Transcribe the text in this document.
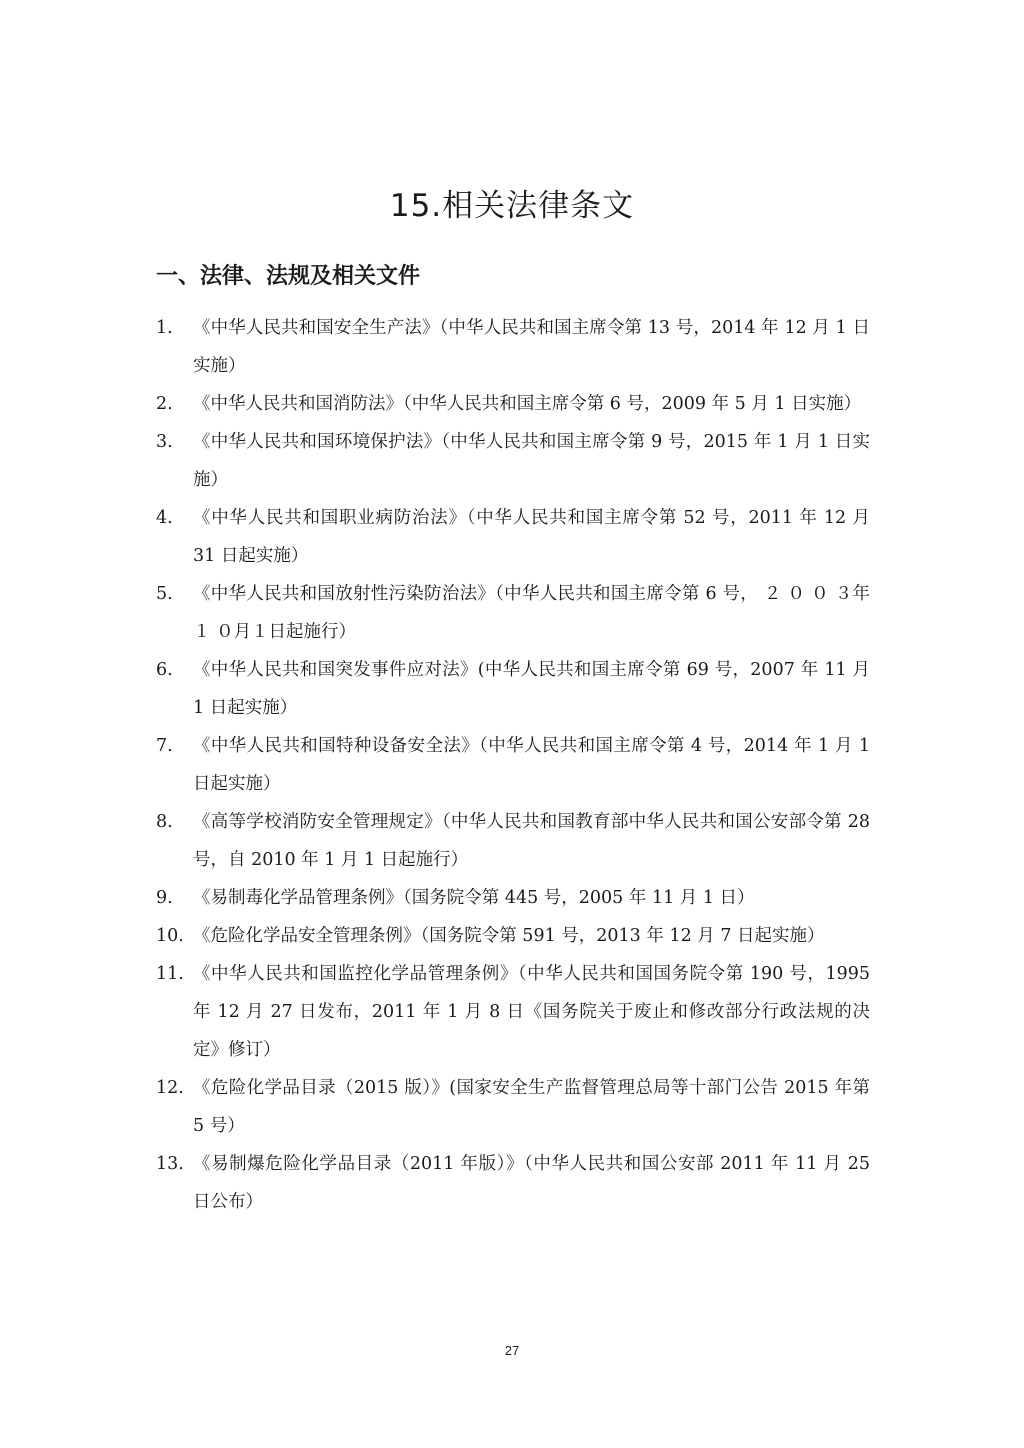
15.相关法律条文
一、法律、法规及相关文件
1. 《中华人民共和国安全生产法》（中华人民共和国主席令第 13 号，2014 年 12 月 1 日实施）
2. 《中华人民共和国消防法》（中华人民共和国主席令第 6 号，2009 年 5 月 1 日实施）
3. 《中华人民共和国环境保护法》（中华人民共和国主席令第 9 号，2015 年 1 月 1 日实施）
4. 《中华人民共和国职业病防治法》（中华人民共和国主席令第 52 号，2011 年 12 月 31 日起实施）
5. 《中华人民共和国放射性污染防治法》（中华人民共和国主席令第 6 号， ２ ０ ０ ３年１ ０月１日起施行）
6. 《中华人民共和国突发事件应对法》(中华人民共和国主席令第 69 号，2007 年 11 月 1 日起实施）
7. 《中华人民共和国特种设备安全法》（中华人民共和国主席令第 4 号，2014 年 1 月 1 日起实施）
8. 《高等学校消防安全管理规定》（中华人民共和国教育部中华人民共和国公安部令第 28 号，自 2010 年 1 月 1 日起施行）
9. 《易制毒化学品管理条例》（国务院令第 445 号，2005 年 11 月 1 日）
10. 《危险化学品安全管理条例》（国务院令第 591 号，2013 年 12 月 7 日起实施）
11. 《中华人民共和国监控化学品管理条例》（中华人民共和国国务院令第 190 号，1995 年 12 月 27 日发布，2011 年 1 月 8 日《国务院关于废止和修改部分行政法规的决定》修订）
12. 《危险化学品目录（2015 版）》(国家安全生产监督管理总局等十部门公告 2015 年第 5 号）
13. 《易制爆危险化学品目录（2011 年版）》（中华人民共和国公安部 2011 年 11 月 25 日公布）
27
